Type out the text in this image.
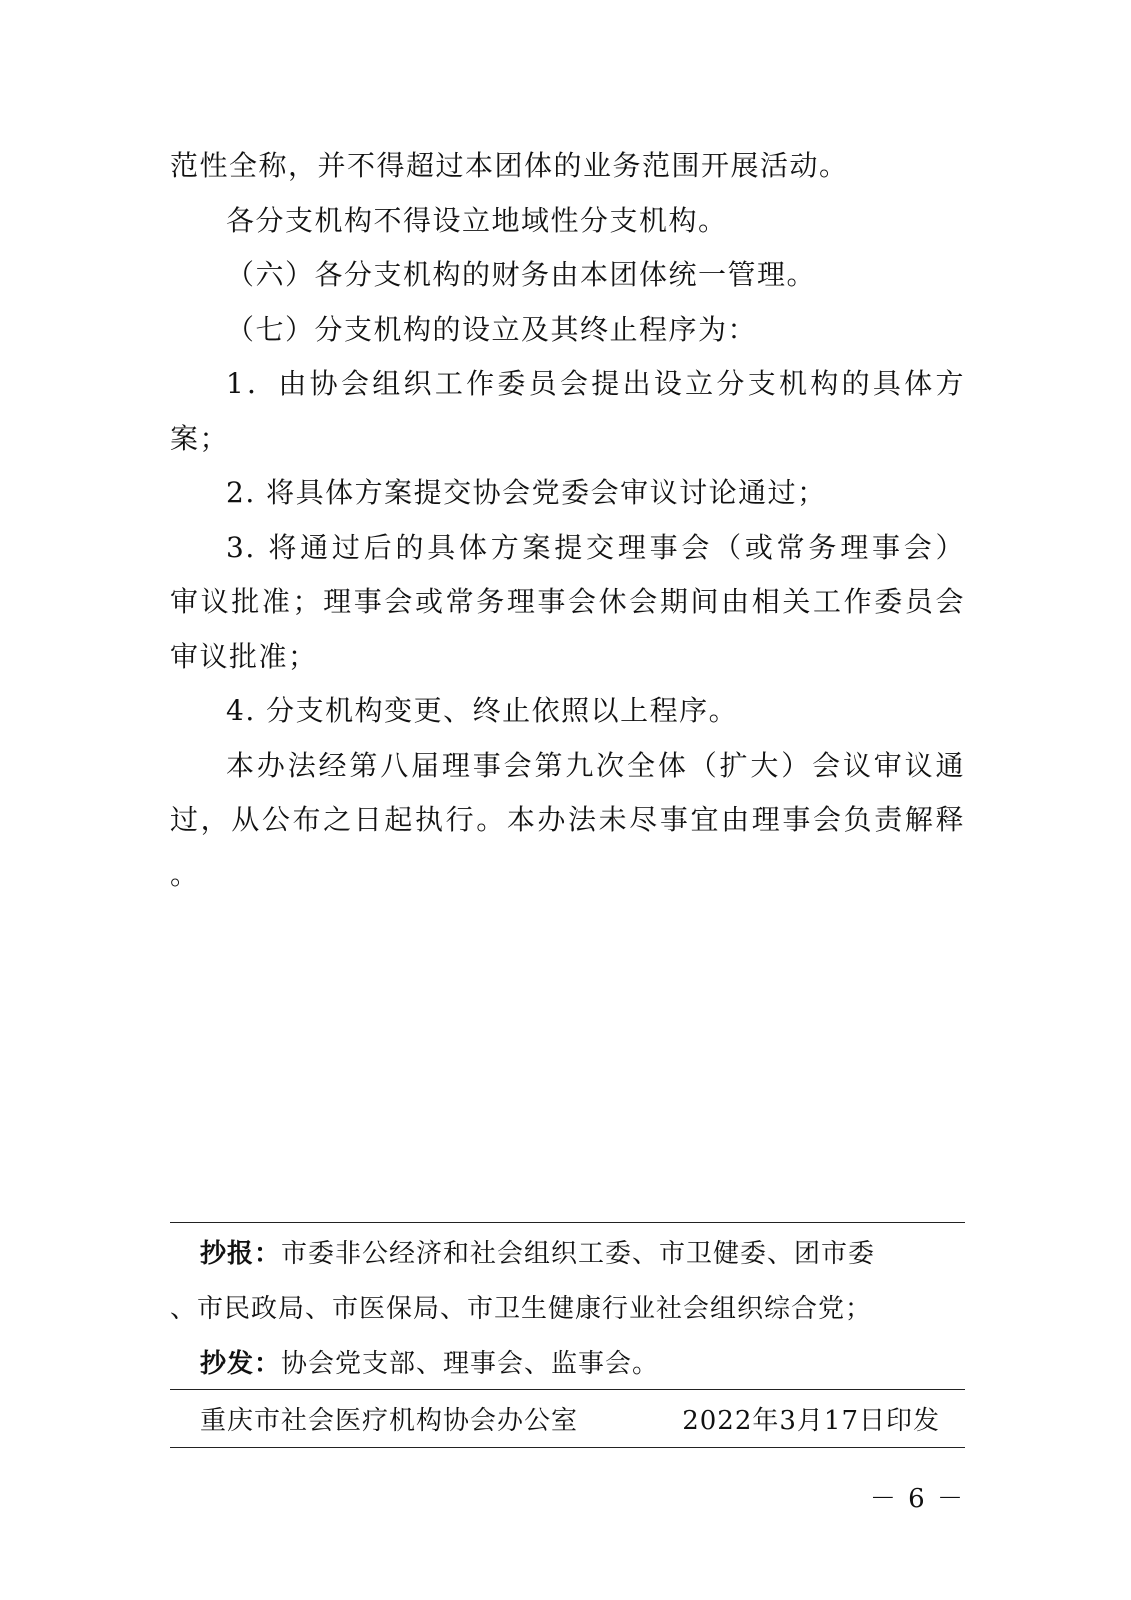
范性全称，并不得超过本团体的业务范围开展活动。
各分支机构不得设立地域性分支机构。
（六）各分支机构的财务由本团体统一管理。
（七）分支机构的设立及其终止程序为：
1．由协会组织工作委员会提出设立分支机构的具体方
案；
2. 将具体方案提交协会党委会审议讨论通过；
3. 将通过后的具体方案提交理事会（或常务理事会）
审议批准；理事会或常务理事会休会期间由相关工作委员会
审议批准；
4. 分支机构变更、终止依照以上程序。
本办法经第八届理事会第九次全体（扩大）会议审议通
过，从公布之日起执行。本办法未尽事宜由理事会负责解释
。
抄报：市委非公经济和社会组织工委、市卫健委、团市委
、市民政局、市医保局、市卫生健康行业社会组织综合党；
抄发：协会党支部、理事会、监事会。
重庆市社会医疗机构协会办公室	2022年3月17日印发
－ 6 －
